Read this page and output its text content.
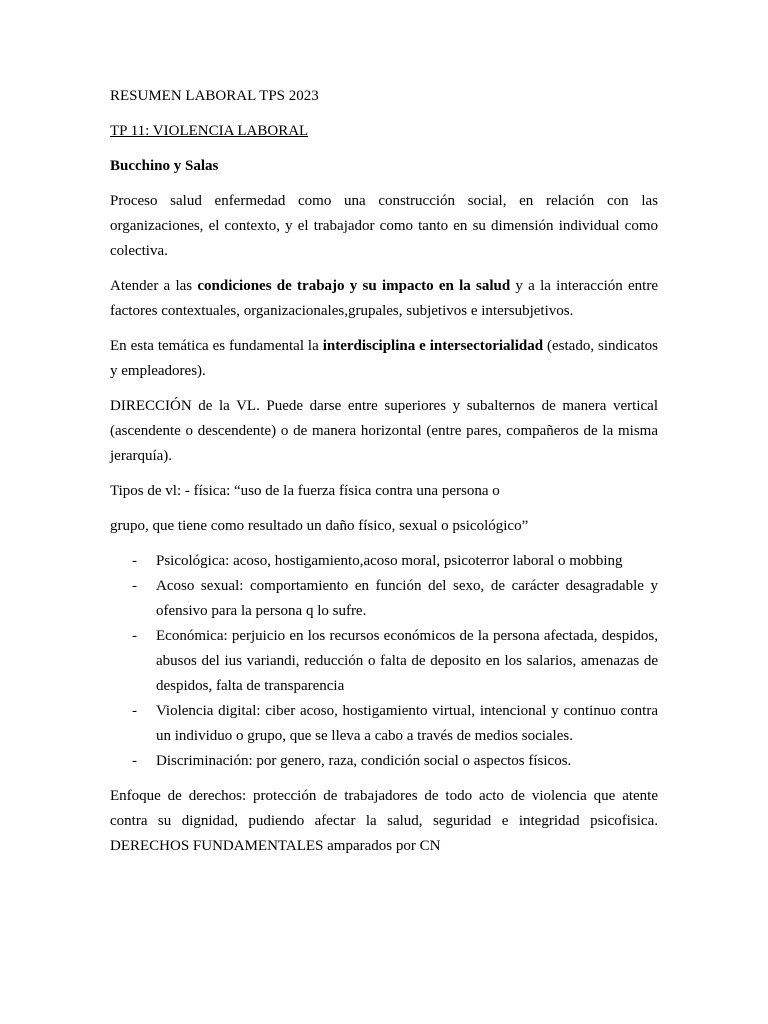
RESUMEN LABORAL TPS 2023

TP 11: VIOLENCIA LABORAL

Bucchino y Salas

Proceso salud enfermedad como una construcción social, en relación con las organizaciones, el contexto, y el trabajador como tanto en su dimensión individual como colectiva.

Atender a las condiciones de trabajo y su impacto en la salud y a la interacción entre factores contextuales, organizacionales,grupales, subjetivos e intersubjetivos.

En esta temática es fundamental la interdisciplina e intersectorialidad (estado, sindicatos y empleadores).

DIRECCIÓN de la VL. Puede darse entre superiores y subalternos de manera vertical (ascendente o descendente) o de manera horizontal (entre pares, compañeros de la misma jerarquía).

Tipos de vl: - física: “uso de la fuerza física contra una persona o

grupo, que tiene como resultado un daño físico, sexual o psicológico”

- Psicológica: acoso, hostigamiento,acoso moral, psicoterror laboral o mobbing
- Acoso sexual: comportamiento en función del sexo, de carácter desagradable y ofensivo para la persona q lo sufre.
- Económica: perjuicio en los recursos económicos de la persona afectada, despidos, abusos del ius variandi, reducción o falta de deposito en los salarios, amenazas de despidos, falta de transparencia
- Violencia digital: ciber acoso, hostigamiento virtual, intencional y continuo contra un individuo o grupo, que se lleva a cabo a través de medios sociales.
- Discriminación: por genero, raza, condición social o aspectos físicos.

Enfoque de derechos: protección de trabajadores de todo acto de violencia que atente contra su dignidad, pudiendo afectar la salud, seguridad e integridad psicofisica. DERECHOS FUNDAMENTALES amparados por CN
